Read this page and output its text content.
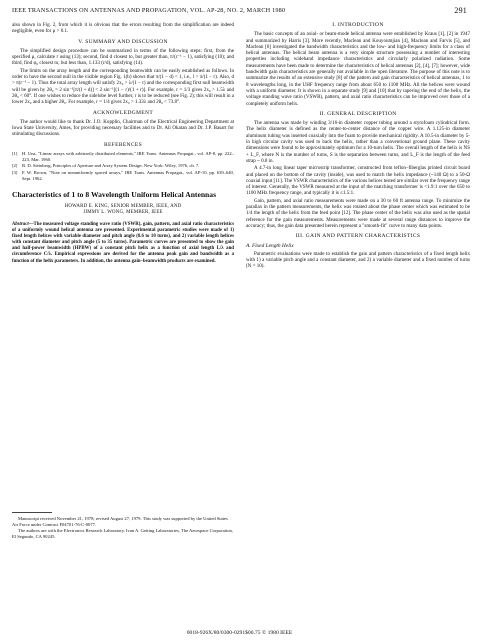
IEEE TRANSACTIONS ON ANTENNAS AND PROPAGATION, VOL. AP-28, NO. 2, MARCH 1980	291

also shown in Fig. 2, from which it is obvious that the errors resulting from the simplification are indeed negligible, even for μ > 0.1.

V. SUMMARY AND DISCUSSION

The simplified design procedure can be summarized in terms of the following steps: first, from the specified μ, calculate r using (13); second, find d closest to, but greater than, π/(r⁻¹ − 1), satisfying (10); and third, find φ₀ closest to, but less than, 1.133 (r/d), satisfying (14).

The limits on the array length and the corresponding beamwidth can be easily established as follows. In order to have the second null in the visible region Fig. 1(b) shows that π/(1 − d) < 1, i.e., l > π/(1 − r). Also, d > π(r⁻¹ − 1). Thus the total array length will satisfy 2x₀ > λ/(1 − r) and the corresponding first null beamwidth will be given by 2θ₀ = 2 sin⁻¹[π/(l + d)] < 2 sin⁻¹[(1 − r)/(1 + r)]. For example, r = 1/3 gives 2x₀ > 1.5λ and 2θ₀ < 60°. If one wishes to reduce the sidelobe level further, r is to be reduced (see Fig. 2); this will result in a lower 2x₀ and a higher 2θ₀. For example, r = 1/4 gives 2x₀ > 1.33λ and 2θ₀ < 73.8°.

ACKNOWLEDGMENT

The author would like to thank Dr. J.O. Kopplin, Chairman of the Electrical Engineering Department at Iowa State University, Ames, for providing necessary facilities and to Dr. Ali Okatan and Dr. J.P. Basart for stimulating discussions.

REFERENCES
[1]	H. Unz, "Linear arrays with arbitrarily distributed elements," IRE Trans. Antennas Propagat., vol. AP-8, pp. 222–223, Mar. 1960.
[2]	B. D. Steinberg, Principles of Aperture and Array System Design. New York: Wiley, 1976, ch. 7.
[3]	F. W. Brown, "Note on nonuniformly spaced arrays," IRE Trans. Antennas Propagat., vol. AP-10, pp. 639–640, Sept. 1962.
Characteristics of 1 to 8 Wavelength Uniform Helical Antennas
HOWARD E. KING, SENIOR MEMBER, IEEE, AND
JIMMY L. WONG, MEMBER, IEEE
Abstract—The measured voltage standing wave ratio (VSWR), gain, pattern, and axial ratio characteristics of a uniformly wound helical antenna are presented. Experimental parametric studies were made of 1) fixed length helices with variable diameter and pitch angle (8.6 to 10 turns), and 2) variable length helices with constant diameter and pitch angle (5 to 35 turns). Parametric curves are presented to show the gain and half-power beamwidth (HPBW) of a constant pitch helix as a function of axial length L/λ and circumference C/λ. Empirical expressions are derived for the antenna peak gain and bandwidth as a function of the helix parameters. In addition, the antenna gain–beamwidth products are examined.

Manuscript received November 21, 1978; revised August 27, 1979. This study was supported by the United States Air Force under Contract F04701-76-C-0077.

The authors are with the Electronics Research Laboratory, Ivan A. Getting Laboratories, The Aerospace Corporation, El Segundo, CA 90245.

I. INTRODUCTION

The basic concepts of an axial- or beam-mode helical antenna were established by Kraus [1], [2] in 1947 and summarized by Harris [3]. More recently, Maclean and Kouyoumjian [4], Maclean and Farvis [5], and Maclean [6] investigated the bandwidth characteristics and the low- and high-frequency limits for a class of helical antennas. The helical beam antenna is a very simple structure possessing a number of interesting properties including wideband impedance characteristics and circularly polarized radiation. Some measurements have been made to determine the characteristics of helical antennas [2], [4], [7]; however, wide bandwidth gain characteristics are generally not available in the open literature. The purpose of this note is to summarize the results of an extensive study [8] of the pattern and gain characteristics of helical antennas, 1 to 8 wavelengths long, in the UHF frequency range from about 650 to 1100 MHz. All the helices were wound with a uniform diameter. It is shown in a separate study [9] and [10] that by tapering the end of the helix, the voltage standing wave ratio (VSWR), pattern, and axial ratio characteristics can be improved over those of a completely uniform helix.

II. GENERAL DESCRIPTION

The antenna was made by winding 3/16-in diameter copper tubing around a styrofoam cylindrical form. The helix diameter is defined as the center-to-center distance of the copper wire. A 1.125-in diameter aluminum tubing was inserted coaxially into the foam to provide mechanical rigidity. A 10.5-in diameter by 5-in high circular cavity was used to back the helix, rather than a conventional ground plane. These cavity dimensions were found to be approximately optimum for a 10-turn helix. The overall length of the helix is NS + L_F, where N is the number of turns, S is the separation between turns, and L_F is the length of the feed strap ~ 0.8 in.

A 4.7-in long linear taper microstrip transformer, constructed from teflon–fiberglas printed circuit board and placed on the bottom of the cavity (inside), was used to match the helix impedance (~140 Ω) to a 50-Ω coaxial input [11]. The VSWR characteristics of the various helices tested are similar over the frequency range of interest. Generally, the VSWR measured at the input of the matching transformer is <1.9:1 over the 650 to 1100 MHz frequency range, and typically it is ≤1.5:1.

Gain, pattern, and axial ratio measurements were made on a 30 to 60 ft antenna range. To minimize the parallax in the pattern measurements, the helix was rotated about the phase center which was estimated to be 1/4 the length of the helix from the feed point [12]. The phase center of the helix was also used as the spatial reference for the gain measurements. Measurements were made at several range distances to improve the accuracy; thus, the gain data presented herein represent a "smooth-fit" curve to many data points.

III. GAIN AND PATTERN CHARACTERISTICS
A. Fixed Length Helix

Parametric evaluations were made to establish the gain and pattern characteristics of a fixed length helix with 1) a variable pitch angle and a constant diameter, and 2) a variable diameter and a fixed number of turns (N = 10).

0018-926X/80/0300-0291$00.75 © 1980 IEEE
